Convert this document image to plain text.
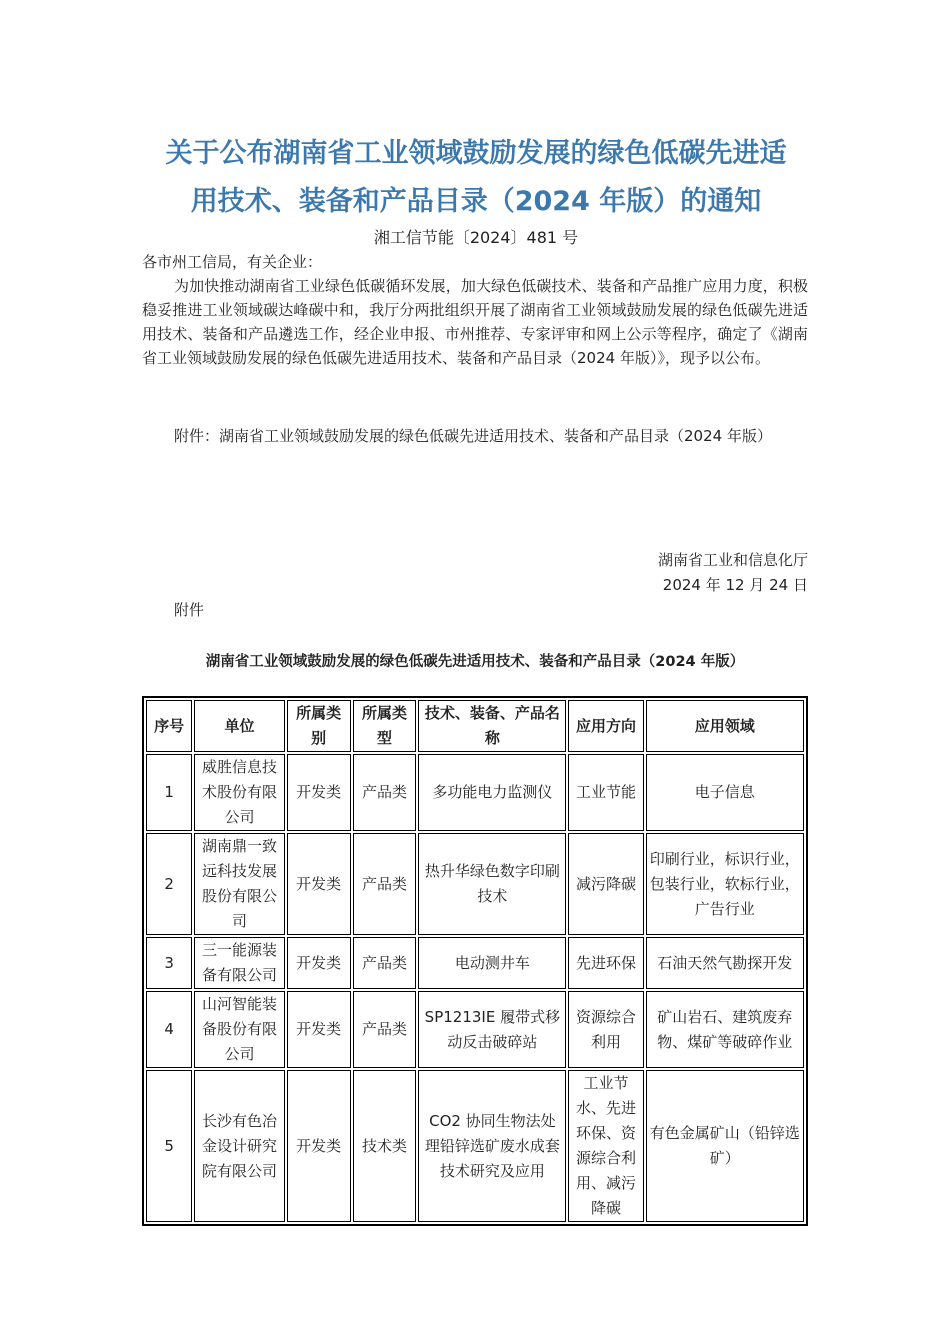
关于公布湖南省工业领域鼓励发展的绿色低碳先进适
用技术、装备和产品目录（2024 年版）的通知
湘工信节能〔2024〕481 号
各市州工信局，有关企业：
为加快推动湖南省工业绿色低碳循环发展，加大绿色低碳技术、装备和产品推广应用力度，积极稳妥推进工业领域碳达峰碳中和，我厅分两批组织开展了湖南省工业领域鼓励发展的绿色低碳先进适用技术、装备和产品遴选工作，经企业申报、市州推荐、专家评审和网上公示等程序，确定了《湖南省工业领域鼓励发展的绿色低碳先进适用技术、装备和产品目录（2024 年版）》，现予以公布。
附件：湖南省工业领域鼓励发展的绿色低碳先进适用技术、装备和产品目录（2024 年版）
湖南省工业和信息化厅
2024 年 12 月 24 日
附件
湖南省工业领域鼓励发展的绿色低碳先进适用技术、装备和产品目录（2024 年版）
序号	单位	所属类别	所属类型	技术、装备、产品名称	应用方向	应用领域
1	威胜信息技术股份有限公司	开发类	产品类	多功能电力监测仪	工业节能	电子信息
2	湖南鼎一致远科技发展股份有限公司	开发类	产品类	热升华绿色数字印刷技术	减污降碳	印刷行业，标识行业，包装行业，软标行业，广告行业
3	三一能源装备有限公司	开发类	产品类	电动测井车	先进环保	石油天然气勘探开发
4	山河智能装备股份有限公司	开发类	产品类	SP1213IE 履带式移动反击破碎站	资源综合利用	矿山岩石、建筑废弃物、煤矿等破碎作业
5	长沙有色冶金设计研究院有限公司	开发类	技术类	CO2 协同生物法处理铅锌选矿废水成套技术研究及应用	工业节水、先进环保、资源综合利用、减污降碳	有色金属矿山（铅锌选矿）
